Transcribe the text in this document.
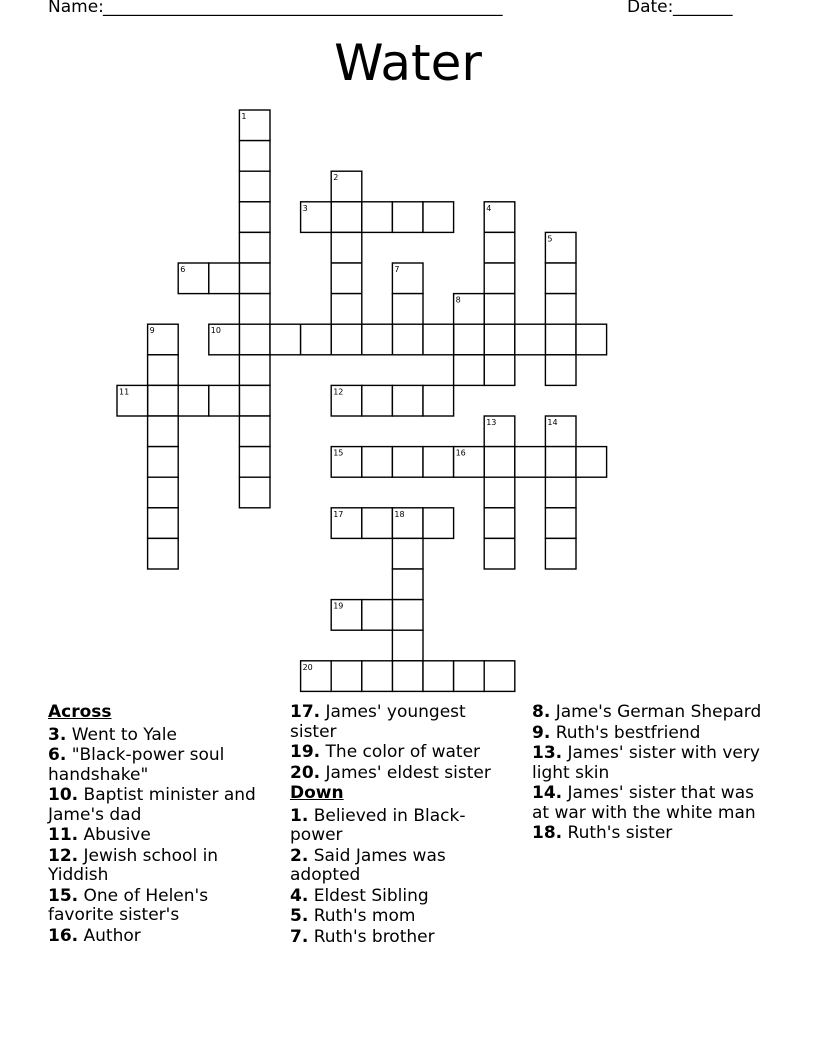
Name: _______________________________________________	Date: _______
Water
1
2
3	4
5
6	7
8
9	10
11	12
13	14
15	16
17	18
19
20
Across
3. Went to Yale
6. "Black-power soul handshake"
10. Baptist minister and Jame's dad
11. Abusive
12. Jewish school in Yiddish
15. One of Helen's favorite sister's
16. Author
17. James' youngest sister
19. The color of water
20. James' eldest sister
Down
1. Believed in Black-power
2. Said James was adopted
4. Eldest Sibling
5. Ruth's mom
7. Ruth's brother
8. Jame's German Shepard
9. Ruth's bestfriend
13. James' sister with very light skin
14. James' sister that was at war with the white man
18. Ruth's sister
